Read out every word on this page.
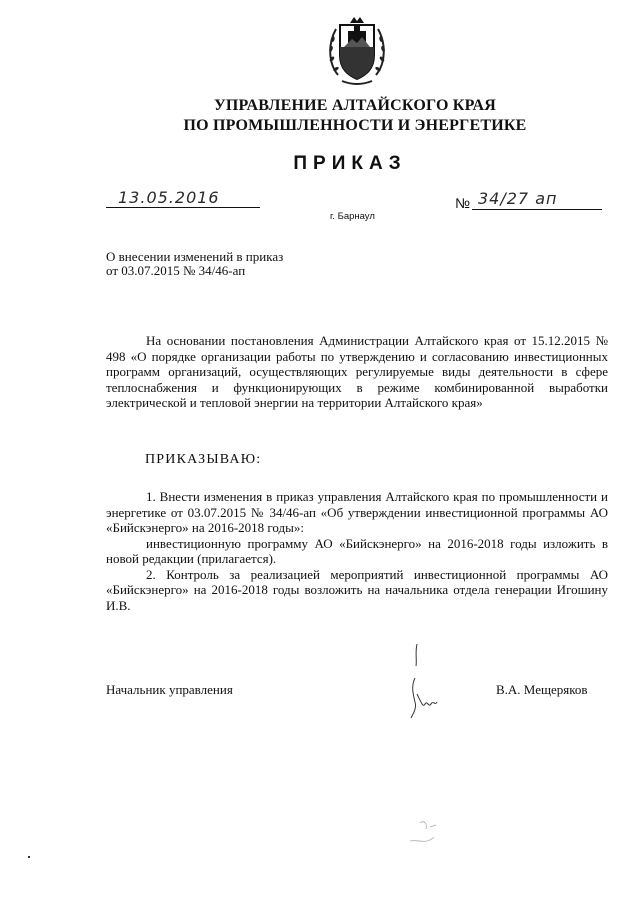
УПРАВЛЕНИЕ АЛТАЙСКОГО КРАЯ
ПО ПРОМЫШЛЕННОСТИ И ЭНЕРГЕТИКЕ
ПРИКАЗ
13.05.2016
г. Барнаул
№ 34/27 ап
О внесении изменений в приказ
от 03.07.2015 № 34/46-ап

На основании постановления Администрации Алтайского края от 15.12.2015 № 498 «О порядке организации работы по утверждению и согласованию инвестиционных программ организаций, осуществляющих регулируемые виды деятельности в сфере теплоснабжения и функционирующих в режиме комбинированной выработки электрической и тепловой энергии на территории Алтайского края»

ПРИКАЗЫВАЮ:

1. Внести изменения в приказ управления Алтайского края по промышленности и энергетике от 03.07.2015 № 34/46-ап «Об утверждении инвестиционной программы АО «Бийскэнерго» на 2016-2018 годы»:

инвестиционную программу АО «Бийскэнерго» на 2016-2018 годы изложить в новой редакции (прилагается).

2. Контроль за реализацией мероприятий инвестиционной программы АО «Бийскэнерго» на 2016-2018 годы возложить на начальника отдела генерации Игошину И.В.

Начальник управления	В.А. Мещеряков
